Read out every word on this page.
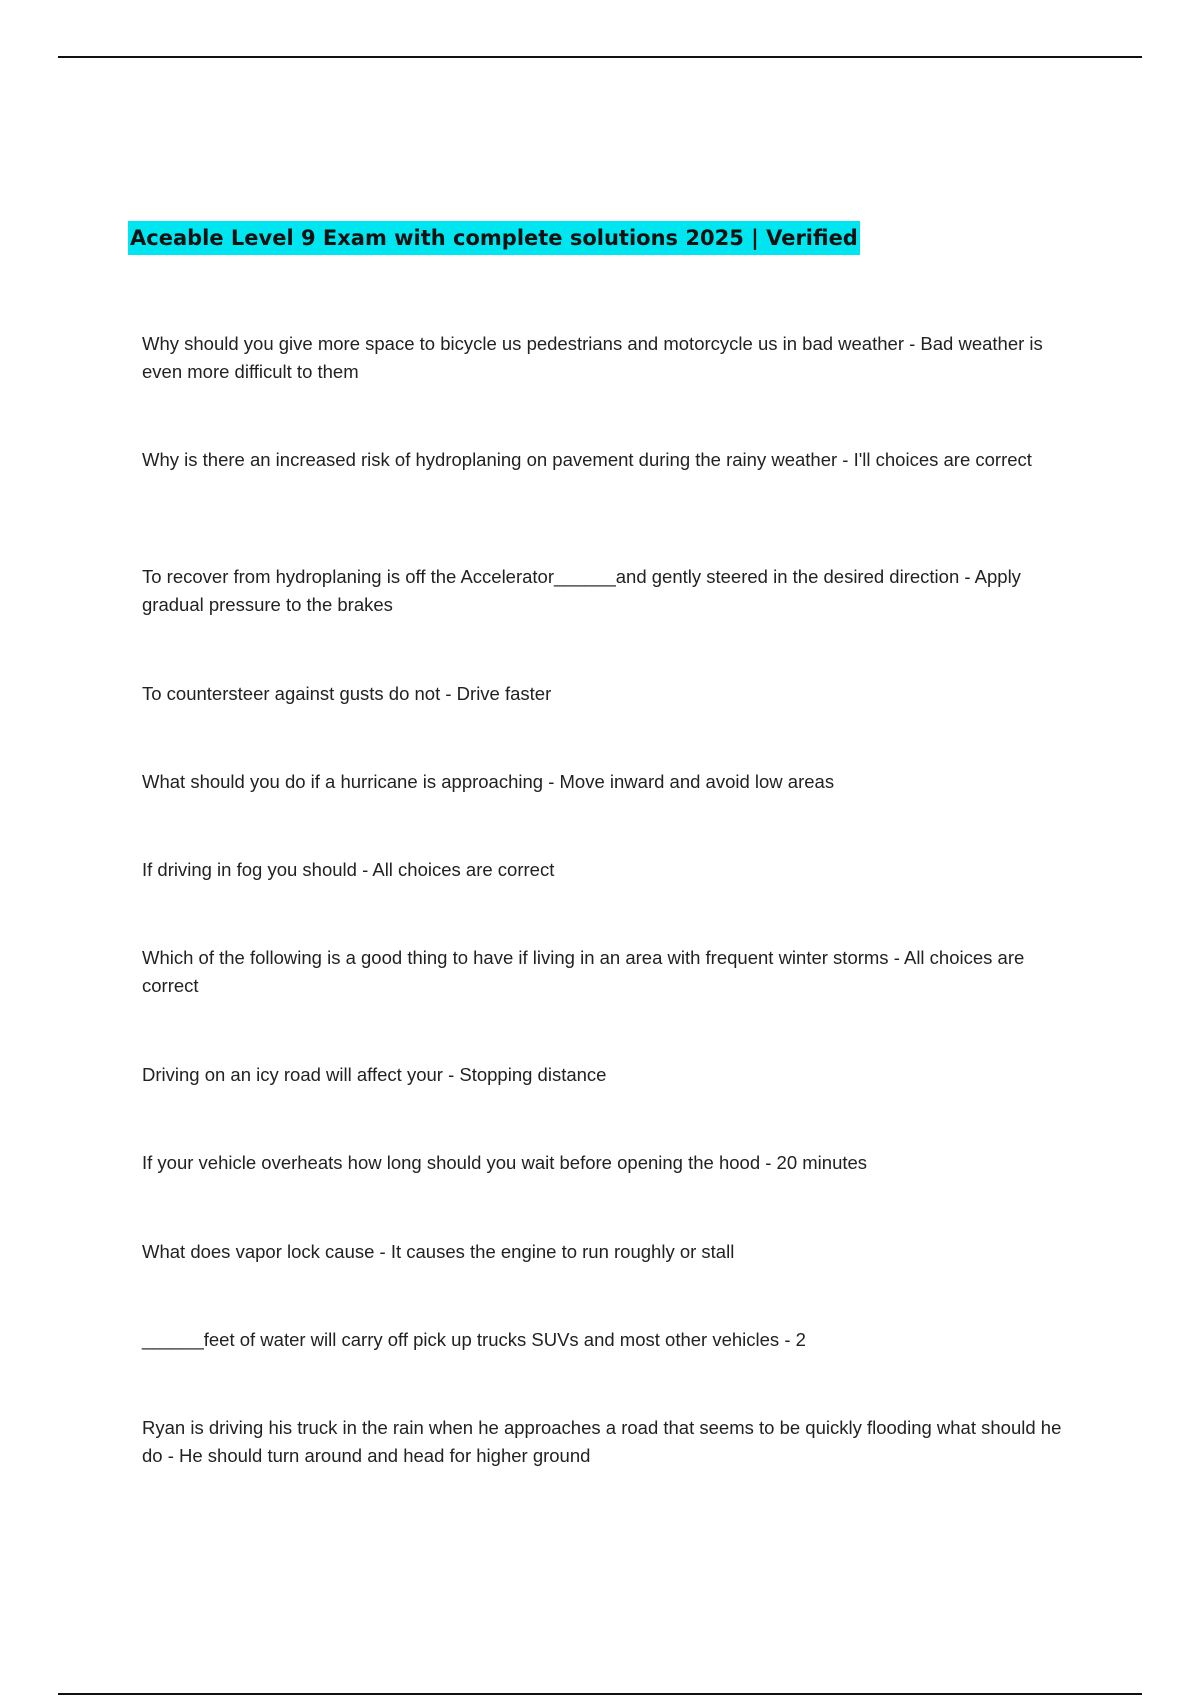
Aceable Level 9 Exam with complete solutions 2025 | Verified
Why should you give more space to bicycle us pedestrians and motorcycle us in bad weather - Bad weather is even more difficult to them
Why is there an increased risk of hydroplaning on pavement during the rainy weather - I'll choices are correct
To recover from hydroplaning is off the Accelerator______and gently steered in the desired direction - Apply gradual pressure to the brakes
To countersteer against gusts do not - Drive faster
What should you do if a hurricane is approaching - Move inward and avoid low areas
If driving in fog you should - All choices are correct
Which of the following is a good thing to have if living in an area with frequent winter storms - All choices are correct
Driving on an icy road will affect your - Stopping distance
If your vehicle overheats how long should you wait before opening the hood - 20 minutes
What does vapor lock cause - It causes the engine to run roughly or stall
______feet of water will carry off pick up trucks SUVs and most other vehicles - 2
Ryan is driving his truck in the rain when he approaches a road that seems to be quickly flooding what should he do - He should turn around and head for higher ground
